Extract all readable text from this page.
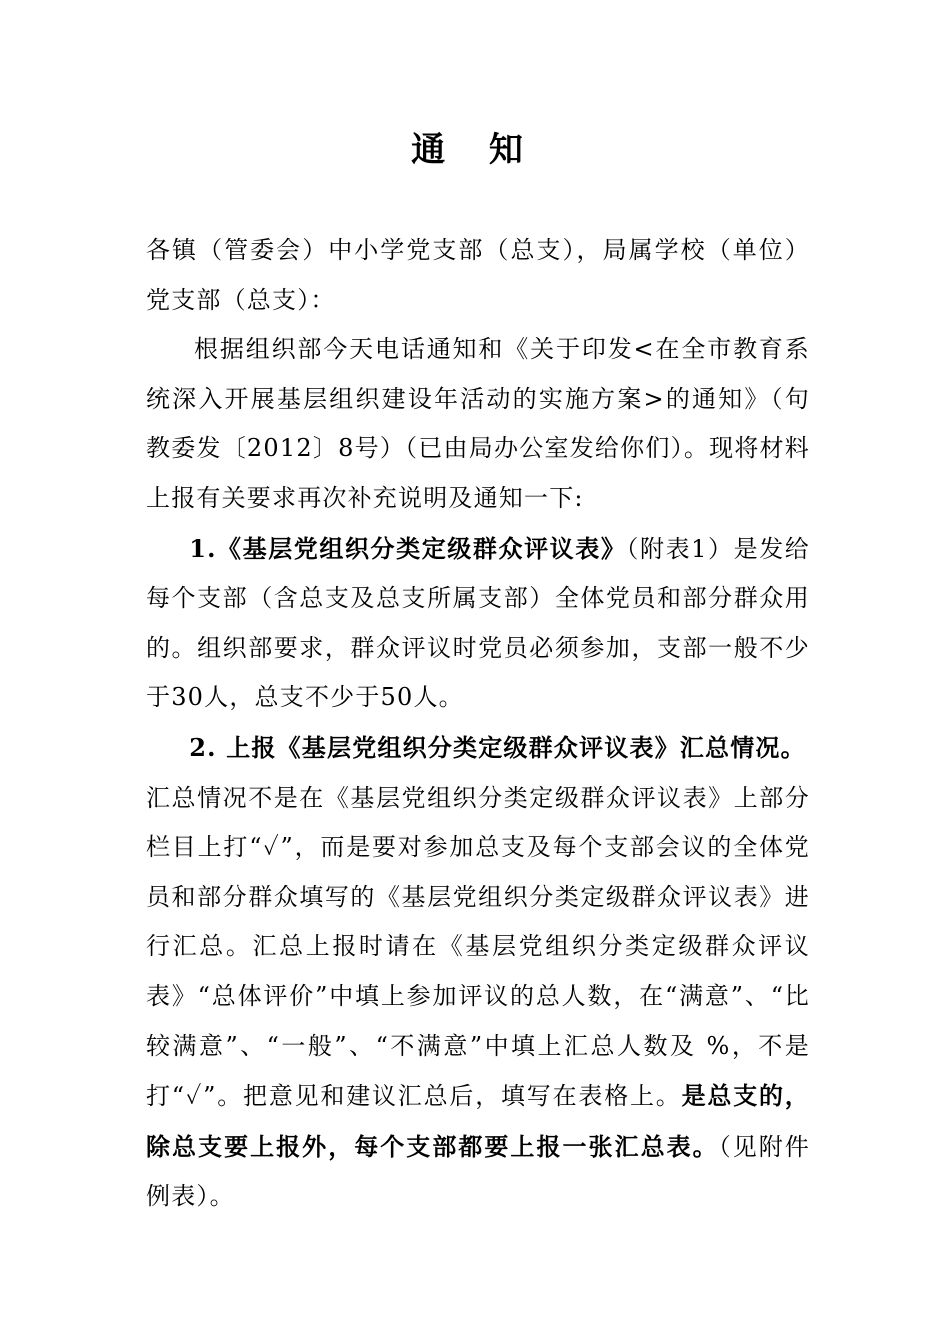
通 知

各镇（管委会）中小学党支部（总支），局属学校（单位）党支部（总支）：

根据组织部今天电话通知和《关于印发<在全市教育系统深入开展基层组织建设年活动的实施方案>的通知》（句教委发〔2012〕8号）（已由局办公室发给你们）。现将材料上报有关要求再次补充说明及通知一下:

1.《基层党组织分类定级群众评议表》（附表1）是发给每个支部（含总支及总支所属支部）全体党员和部分群众用的。组织部要求，群众评议时党员必须参加，支部一般不少于30人，总支不少于50人。

2. 上报《基层党组织分类定级群众评议表》汇总情况。

汇总情况不是在《基层党组织分类定级群众评议表》上部分栏目上打“✓”，而是要对参加总支及每个支部会议的全体党员和部分群众填写的《基层党组织分类定级群众评议表》进行汇总。汇总上报时请在《基层党组织分类定级群众评议表》“总体评价”中填上参加评议的总人数，在“满意”、“比较满意”、“一般”、“不满意”中填上汇总人数及 %，不是打“✓”。把意见和建议汇总后，填写在表格上。是总支的，除总支要上报外，每个支部都要上报一张汇总表。（见附件例表）。
